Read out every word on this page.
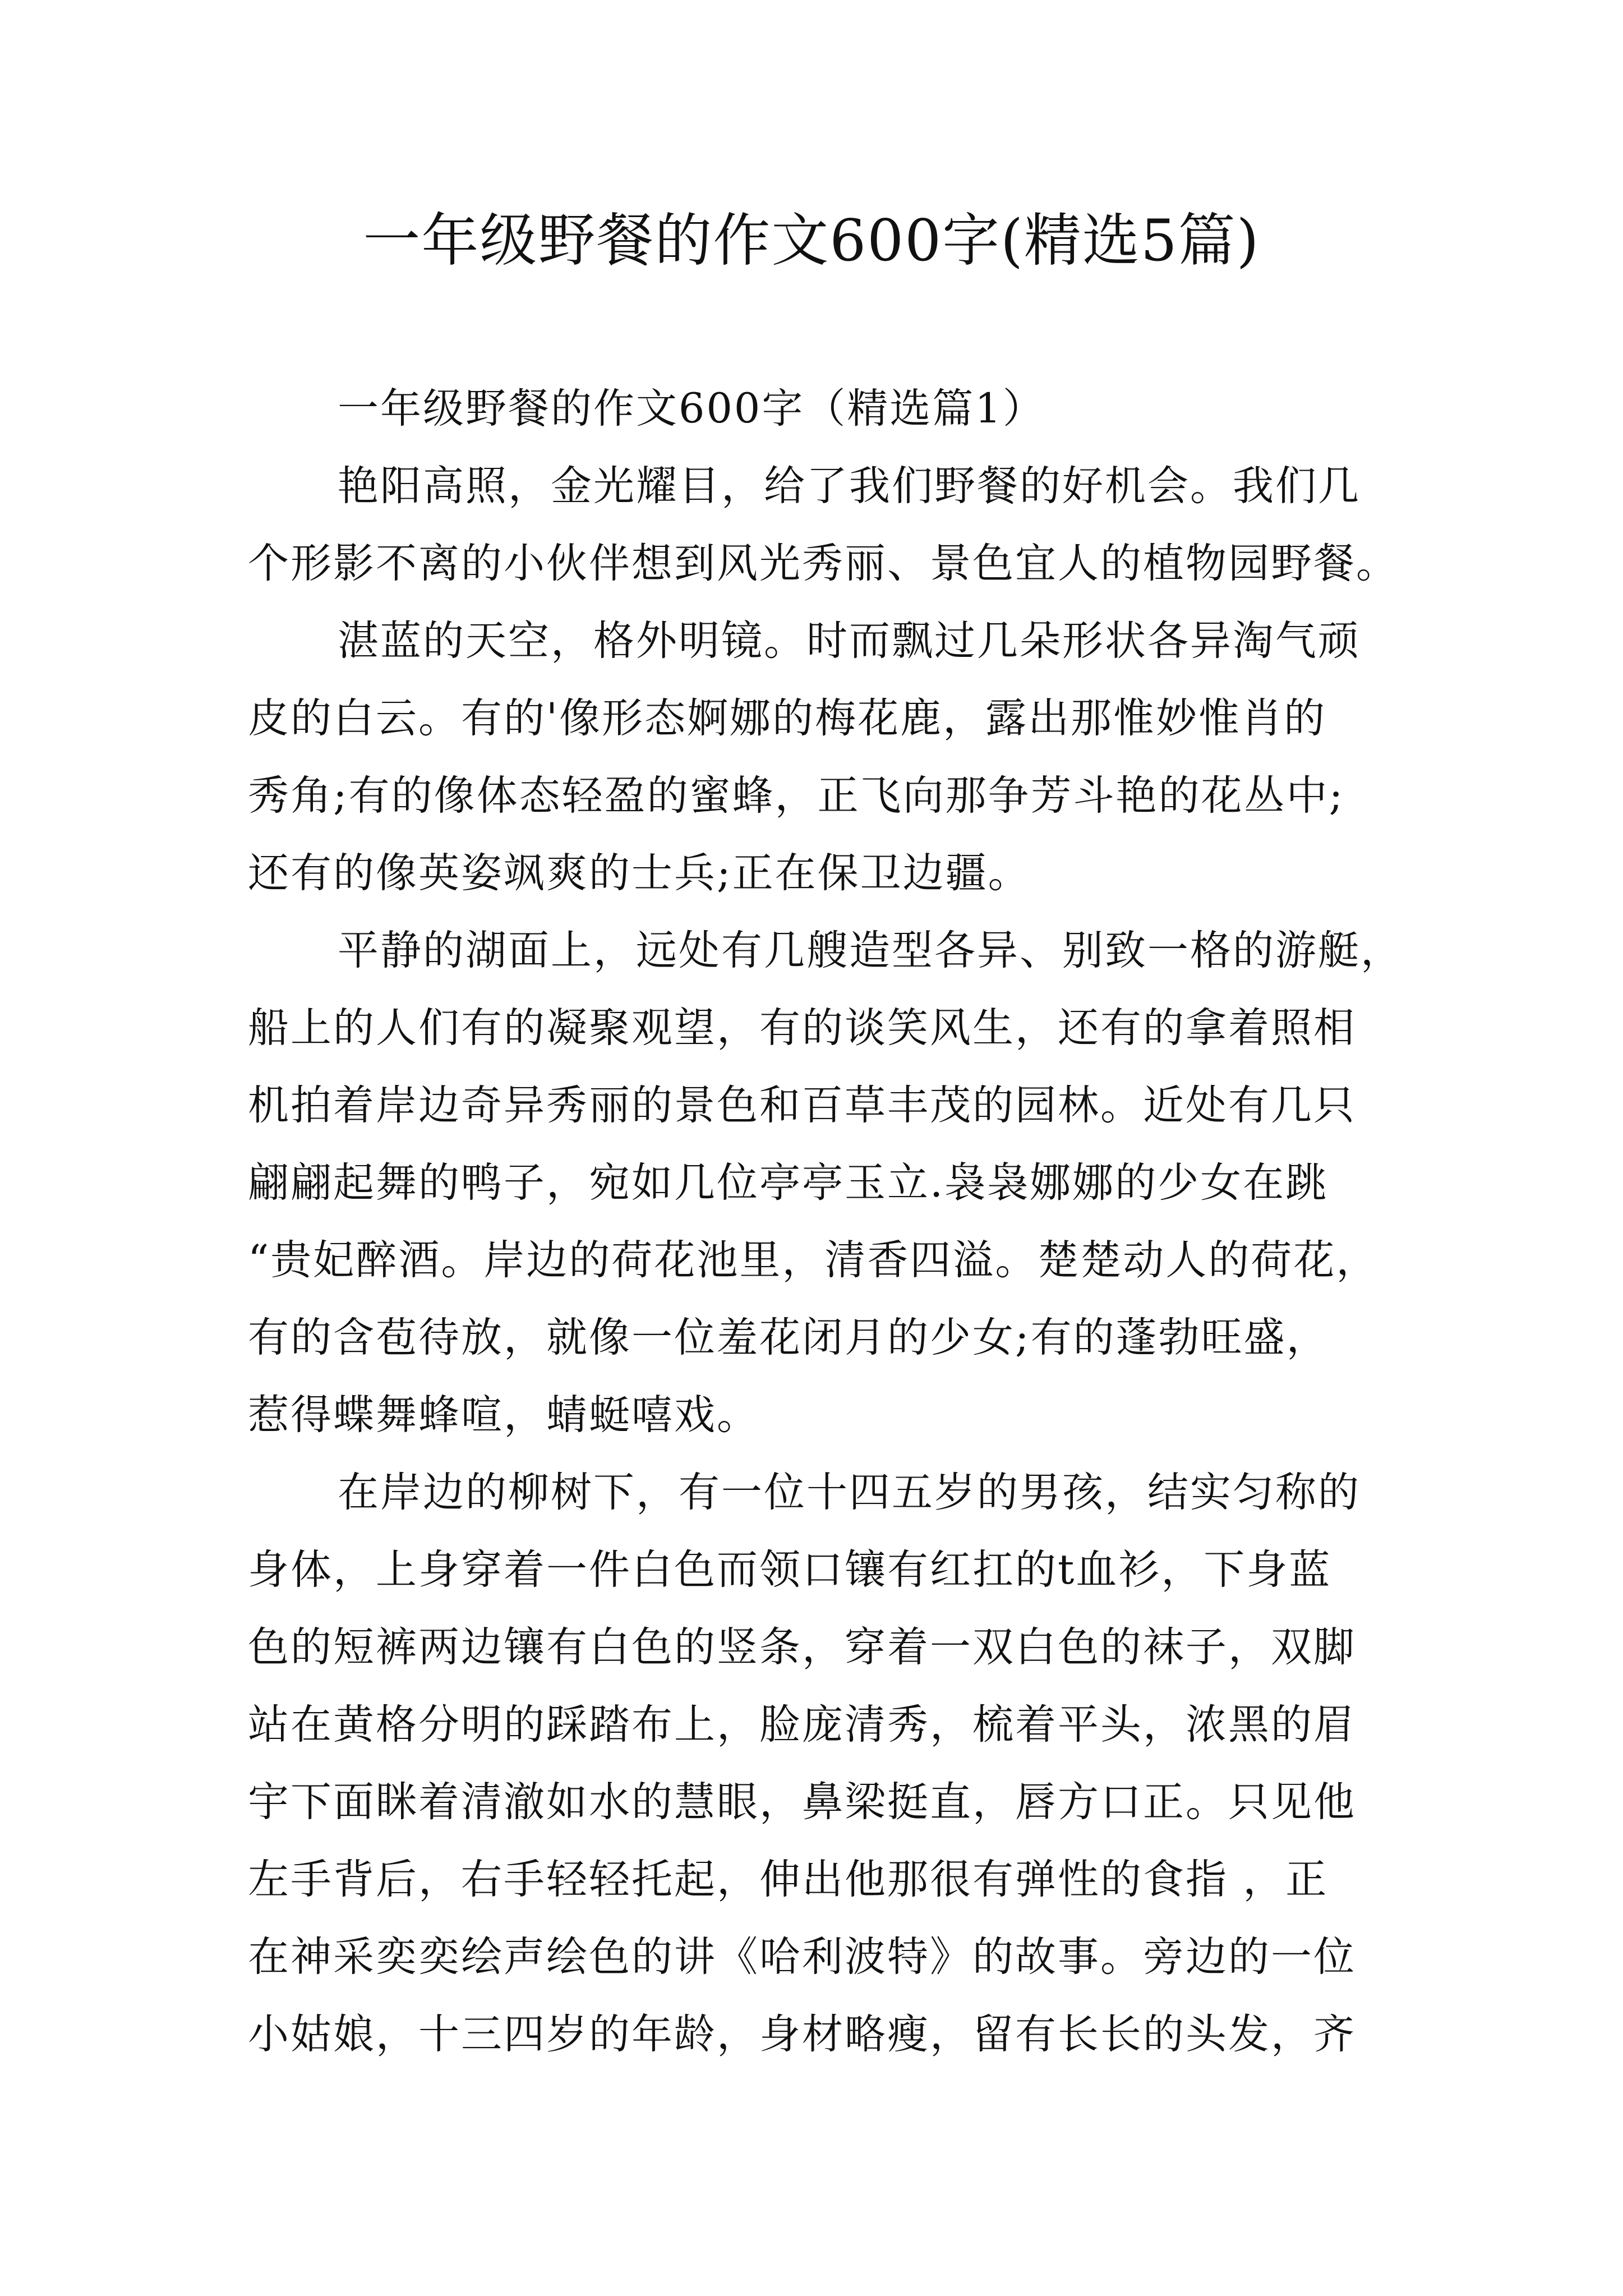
一年级野餐的作文600字(精选5篇)
一年级野餐的作文600字（精选篇1）
艳阳高照，金光耀目，给了我们野餐的好机会。我们几
个形影不离的小伙伴想到风光秀丽、景色宜人的植物园野餐。
湛蓝的天空，格外明镜。时而飘过几朵形状各异淘气顽
皮的白云。有的'像形态婀娜的梅花鹿，露出那惟妙惟肖的
秀角;有的像体态轻盈的蜜蜂，正飞向那争芳斗艳的花丛中;
还有的像英姿飒爽的士兵;正在保卫边疆。
平静的湖面上，远处有几艘造型各异、别致一格的游艇，
船上的人们有的凝聚观望，有的谈笑风生，还有的拿着照相
机拍着岸边奇异秀丽的景色和百草丰茂的园林。近处有几只
翩翩起舞的鸭子，宛如几位亭亭玉立.袅袅娜娜的少女在跳
“贵妃醉酒。岸边的荷花池里，清香四溢。楚楚动人的荷花，
有的含苞待放，就像一位羞花闭月的少女;有的蓬勃旺盛，
惹得蝶舞蜂喧，蜻蜓嘻戏。
在岸边的柳树下，有一位十四五岁的男孩，结实匀称的
身体，上身穿着一件白色而领口镶有红扛的t血衫，下身蓝
色的短裤两边镶有白色的竖条，穿着一双白色的袜子，双脚
站在黄格分明的踩踏布上，脸庞清秀，梳着平头，浓黑的眉
宇下面眯着清澈如水的慧眼，鼻梁挺直，唇方口正。只见他
左手背后，右手轻轻托起，伸出他那很有弹性的食指 ，正
在神采奕奕绘声绘色的讲《哈利波特》的故事。旁边的一位
小姑娘，十三四岁的年龄，身材略瘦，留有长长的头发，齐
